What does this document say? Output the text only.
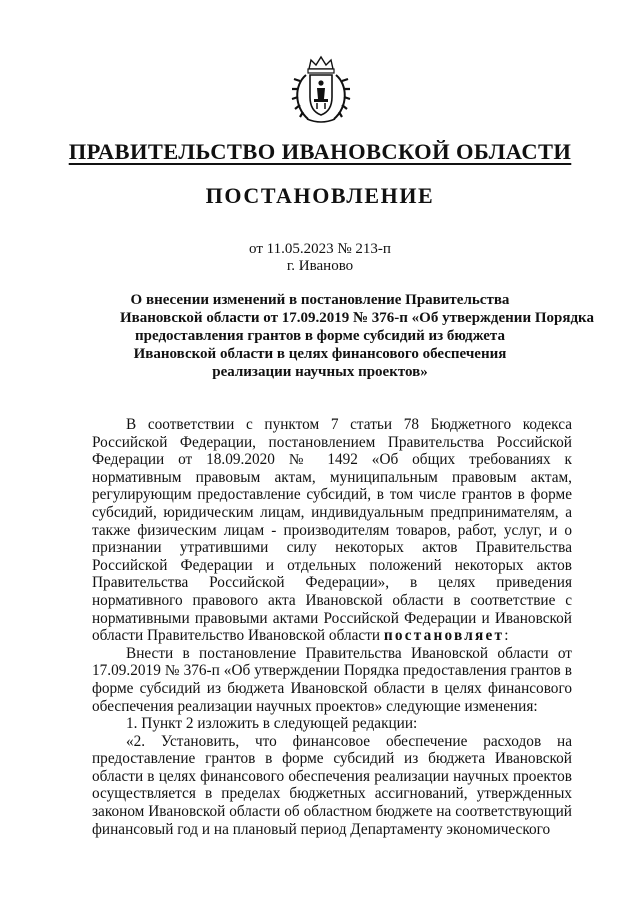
ПРАВИТЕЛЬСТВО ИВАНОВСКОЙ ОБЛАСТИ
ПОСТАНОВЛЕНИЕ
от 11.05.2023 № 213-п
г. Иваново
О внесении изменений в постановление Правительства
Ивановской области от 17.09.2019 № 376-п «Об утверждении Порядка
предоставления грантов в форме субсидий из бюджета
Ивановской области в целях финансового обеспечения
реализации научных проектов»

В соответствии с пунктом 7 статьи 78 Бюджетного кодекса Российской Федерации, постановлением Правительства Российской Федерации от 18.09.2020 № 1492 «Об общих требованиях к нормативным правовым актам, муниципальным правовым актам, регулирующим предоставление субсидий, в том числе грантов в форме субсидий, юридическим лицам, индивидуальным предпринимателям, а также физическим лицам - производителям товаров, работ, услуг, и о признании утратившими силу некоторых актов Правительства Российской Федерации и отдельных положений некоторых актов Правительства Российской Федерации», в целях приведения нормативного правового акта Ивановской области в соответствие с нормативными правовыми актами Российской Федерации и Ивановской области Правительство Ивановской области постановляет:

Внести в постановление Правительства Ивановской области от 17.09.2019 № 376-п «Об утверждении Порядка предоставления грантов в форме субсидий из бюджета Ивановской области в целях финансового обеспечения реализации научных проектов» следующие изменения:

1. Пункт 2 изложить в следующей редакции:

«2. Установить, что финансовое обеспечение расходов на предоставление грантов в форме субсидий из бюджета Ивановской области в целях финансового обеспечения реализации научных проектов осуществляется в пределах бюджетных ассигнований, утвержденных законом Ивановской области об областном бюджете на соответствующий финансовый год и на плановый период Департаменту экономического
